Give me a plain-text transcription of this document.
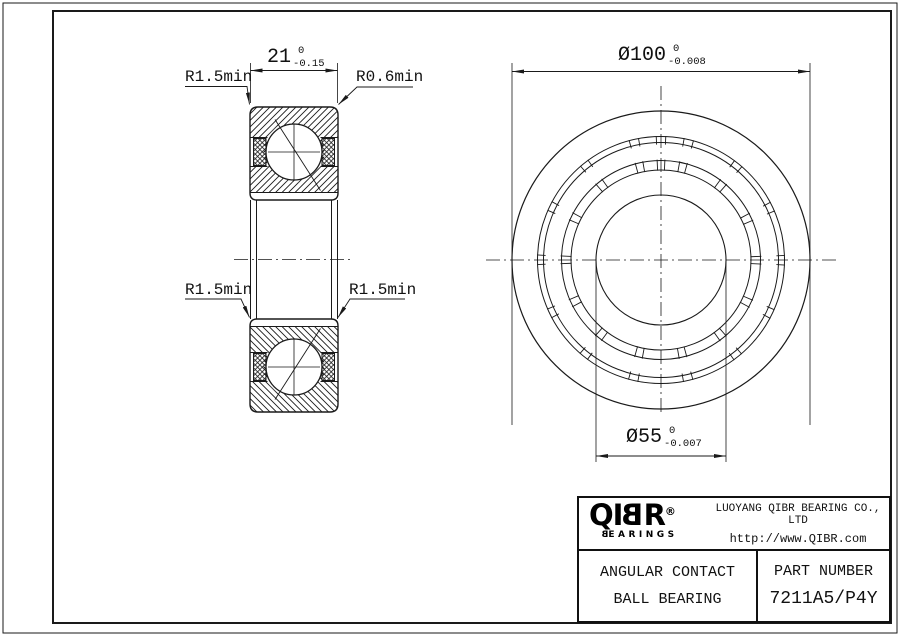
R1.5min	R0.6min
R1.5min	R1.5min
21 0
-0.15	Ø100 0
-0.008
Ø55 0
-0.007
QIBR®
BEARINGS
LUOYANG QIBR BEARING CO., LTD
http://www.QIBR.com
ANGULAR CONTACT
BALL BEARING
PART NUMBER
7211A5/P4Y
